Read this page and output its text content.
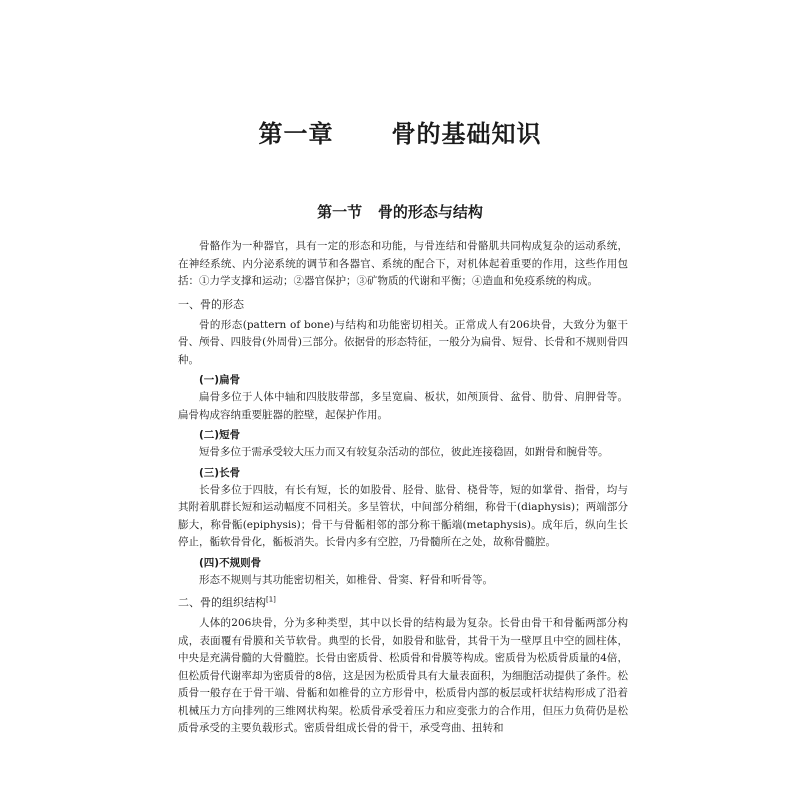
第一章   骨的基础知识
第一节   骨的形态与结构

骨骼作为一种器官，具有一定的形态和功能，与骨连结和骨骼肌共同构成复杂的运动系统，在神经系统、内分泌系统的调节和各器官、系统的配合下，对机体起着重要的作用，这些作用包括：①力学支撑和运动；②器官保护；③矿物质的代谢和平衡；④造血和免疫系统的构成。

一、骨的形态

骨的形态(pattern of bone)与结构和功能密切相关。正常成人有206块骨，大致分为躯干骨、颅骨、四肢骨(外周骨)三部分。依据骨的形态特征，一般分为扁骨、短骨、长骨和不规则骨四种。

(一)扁骨

扁骨多位于人体中轴和四肢肢带部，多呈宽扁、板状，如颅顶骨、盆骨、肋骨、肩胛骨等。扁骨构成容纳重要脏器的腔壁，起保护作用。

(二)短骨

短骨多位于需承受较大压力而又有较复杂活动的部位，彼此连接稳固，如跗骨和腕骨等。

(三)长骨

长骨多位于四肢，有长有短，长的如股骨、胫骨、肱骨、桡骨等，短的如掌骨、指骨，均与其附着肌群长短和运动幅度不同相关。多呈管状，中间部分稍细，称骨干(diaphysis)；两端部分膨大，称骨骺(epiphysis)；骨干与骨骺相邻的部分称干骺端(metaphysis)。成年后，纵向生长停止，骺软骨骨化，骺板消失。长骨内多有空腔，乃骨髓所在之处，故称骨髓腔。

(四)不规则骨

形态不规则与其功能密切相关，如椎骨、骨窦、籽骨和听骨等。

二、骨的组织结构[1]

人体的206块骨，分为多种类型，其中以长骨的结构最为复杂。长骨由骨干和骨骺两部分构成，表面覆有骨膜和关节软骨。典型的长骨，如股骨和肱骨，其骨干为一壁厚且中空的圆柱体，中央是充满骨髓的大骨髓腔。长骨由密质骨、松质骨和骨膜等构成。密质骨为松质骨质量的4倍，但松质骨代谢率却为密质骨的8倍，这是因为松质骨具有大量表面积，为细胞活动提供了条件。松质骨一般存在于骨干端、骨骺和如椎骨的立方形骨中，松质骨内部的板层或杆状结构形成了沿着机械压力方向排列的三维网状构架。松质骨承受着压力和应变张力的合作用，但压力负荷仍是松质骨承受的主要负载形式。密质骨组成长骨的骨干，承受弯曲、扭转和
